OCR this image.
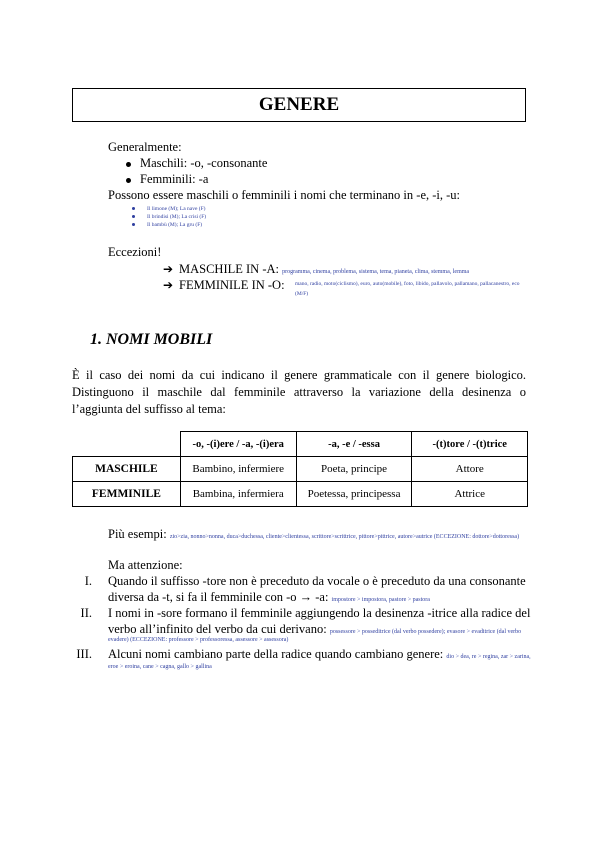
GENERE
Generalmente:
Maschili: -o, -consonante
Femminili: -a
Possono essere maschili o femminili i nomi che terminano in -e, -i, -u:
Il limone (M); La nave (F)
Il brindisi (M); La crisi (F)
Il bambù (M); La gru (F)
Eccezioni!
➔ MASCHILE IN -A: programma, cinema, problema, sistema, tema, pianeta, clima, stemma, lemma
➔ FEMMINILE IN -O: mano, radio, moto(ciclismo), euro, auto(mobile), foto, libido, pallavolo, pallamano, pallacanestro, eco (M/F)
1. NOMI MOBILI
È il caso dei nomi da cui indicano il genere grammaticale con il genere biologico. Distinguono il maschile dal femminile attraverso la variazione della desinenza o l’aggiunta del suffisso al tema:
	-o, -(i)ere / -a, -(i)era	-a, -e / -essa	-(t)tore / -(t)trice
MASCHILE	Bambino, infermiere	Poeta, principe	Attore
FEMMINILE	Bambina, infermiera	Poetessa, principessa	Attrice
Più esempi: zio>zia, nonno>nonna, duca>duchessa, cliente>clientessa, scrittore>scrittrice, pittore>pittrice, autore>autrice (ECCEZIONE: dottore>dottoressa)
Ma attenzione:
I. Quando il suffisso -tore non è preceduto da vocale o è preceduto da una consonante
diversa da -t, si fa il femminile con -o → -a: impostore > impostora, pastore > pastora
II. I nomi in -sore formano il femminile aggiungendo la desinenza -itrice alla radice del
verbo all’infinito del verbo da cui derivano: possessore > posseditrice (dal verbo possedere); evasore > evaditrice (dal verbo
evadere) (ECCEZIONE: professore > professoressa, assessore > assessora)
III. Alcuni nomi cambiano parte della radice quando cambiano genere: dio > dea, re > regina, zar > zarina,
eroe > eroina, cane > cagna, gallo > gallina
